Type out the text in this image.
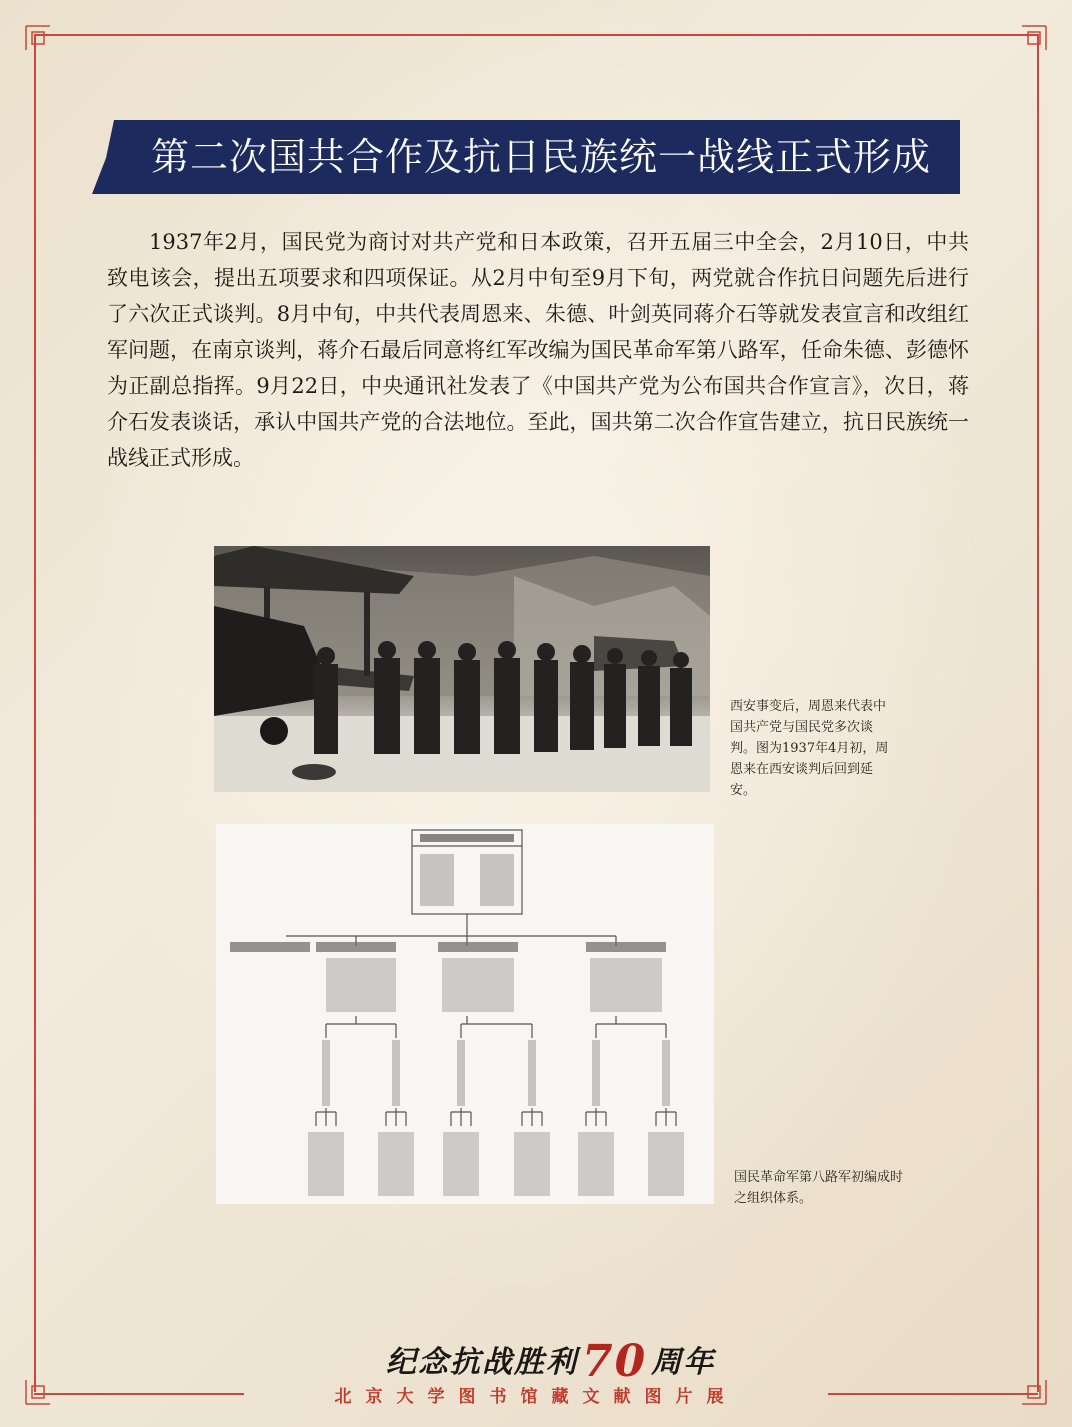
第二次国共合作及抗日民族统一战线正式形成

1937年2月，国民党为商讨对共产党和日本政策，召开五届三中全会，2月10日，中共致电该会，提出五项要求和四项保证。从2月中旬至9月下旬，两党就合作抗日问题先后进行了六次正式谈判。8月中旬，中共代表周恩来、朱德、叶剑英同蒋介石等就发表宣言和改组红军问题，在南京谈判，蒋介石最后同意将红军改编为国民革命军第八路军，任命朱德、彭德怀为正副总指挥。9月22日，中央通讯社发表了《中国共产党为公布国共合作宣言》，次日，蒋介石发表谈话，承认中国共产党的合法地位。至此，国共第二次合作宣告建立，抗日民族统一战线正式形成。

西安事变后，周恩来代表中国共产党与国民党多次谈判。图为1937年4月初，周恩来在西安谈判后回到延安。

国民革命军第八路军初编成时之组织体系。

纪念抗战胜利70 周年
北京大学图书馆藏文献图片展
